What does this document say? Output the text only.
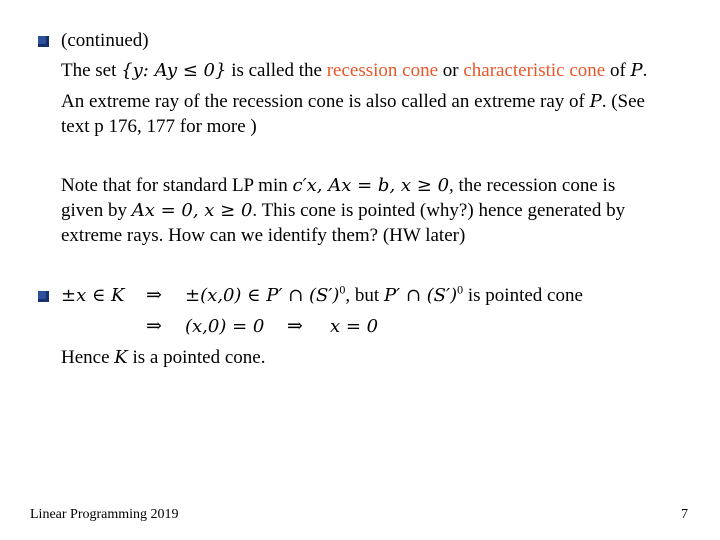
(continued)
The set {y: Ay ≤ 0} is called the recession cone or characteristic cone of P.
An extreme ray of the recession cone is also called an extreme ray of P. (See
text p 176, 177 for more )
Note that for standard LP min c′x, Ax = b, x ≥ 0, the recession cone is
given by Ax = 0, x ≥ 0. This cone is pointed (why?) hence generated by
extreme rays. How can we identify them? (HW later)
±x ∈ K ⇒ ±(x,0) ∈ P′ ∩ $(S')^0$, but P′ ∩ $(S')^0$ is pointed cone
⇒ (x,0) = 0 ⇒ x = 0
Hence K is a pointed cone.
Linear Programming 2019	7
